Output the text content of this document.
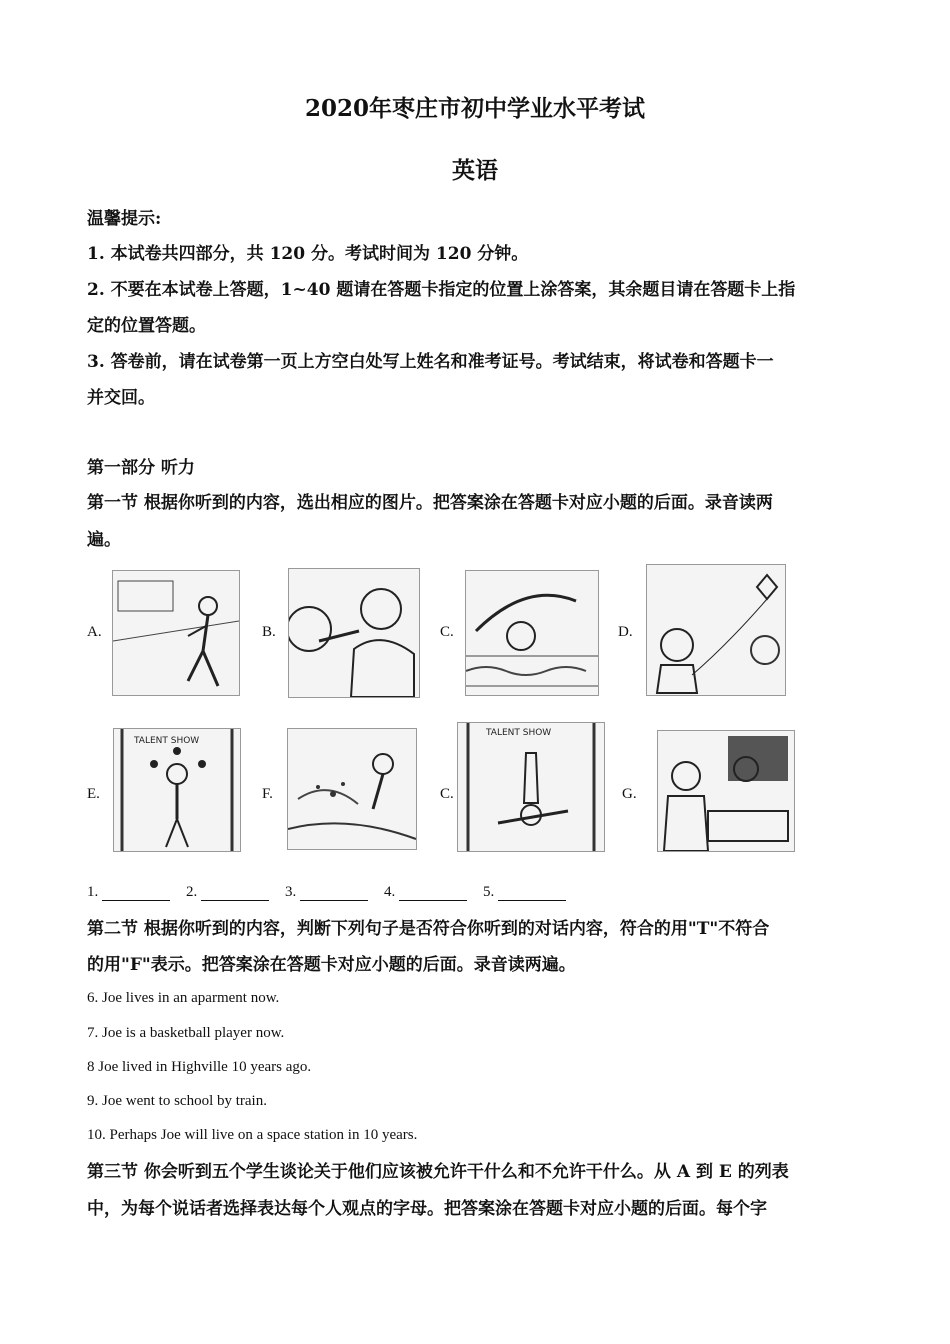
2020年枣庄市初中学业水平考试
英语
温馨提示:
1. 本试卷共四部分，共 120 分。考试时间为 120 分钟。
2. 不要在本试卷上答题，1~40 题请在答题卡指定的位置上涂答案，其余题目请在答题卡上指
定的位置答题。
3. 答卷前，请在试卷第一页上方空白处写上姓名和准考证号。考试结束，将试卷和答题卡一
并交回。
第一部分 听力
第一节 根据你听到的内容，选出相应的图片。把答案涂在答题卡对应小题的后面。录音读两
遍。
A.	B.	C.	D.
E.
TALENT SHOW
F.	C.
TALENT SHOW
G.
1.	2.	3.	4.	5.
第二节 根据你听到的内容，判断下列句子是否符合你听到的对话内容，符合的用"T"不符合
的用"F"表示。把答案涂在答题卡对应小题的后面。录音读两遍。
6. Joe lives in an aparment now.
7. Joe is a basketball player now.
8 Joe lived in Highville 10 years ago.
9. Joe went to school by train.
10. Perhaps Joe will live on a space station in 10 years.
第三节 你会听到五个学生谈论关于他们应该被允许干什么和不允许干什么。从 A 到 E 的列表
中，为每个说话者选择表达每个人观点的字母。把答案涂在答题卡对应小题的后面。每个字
